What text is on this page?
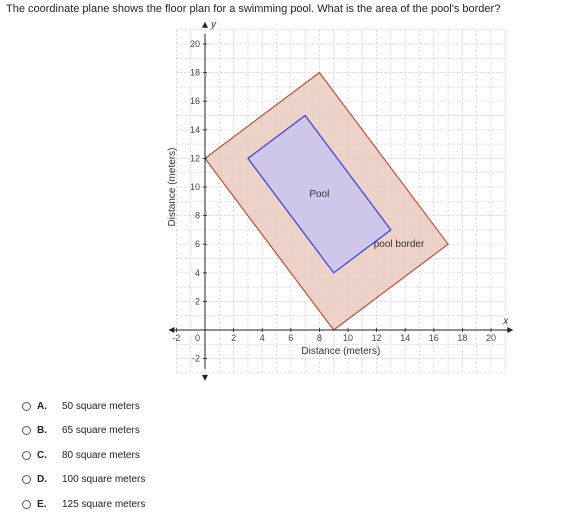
The coordinate plane shows the floor plan for a swimming pool. What is the area of the pool's border?
-2	2	4	6	8 10 12 14 16 18 20
20
18
16
14
12
10
8
6
4
2
-2
0
Pool
pool border
Distance (meters)
Distance (meters)
y
x
A.	50 square meters
B.	65 square meters
C.	80 square meters
D.	100 square meters
E.	125 square meters
